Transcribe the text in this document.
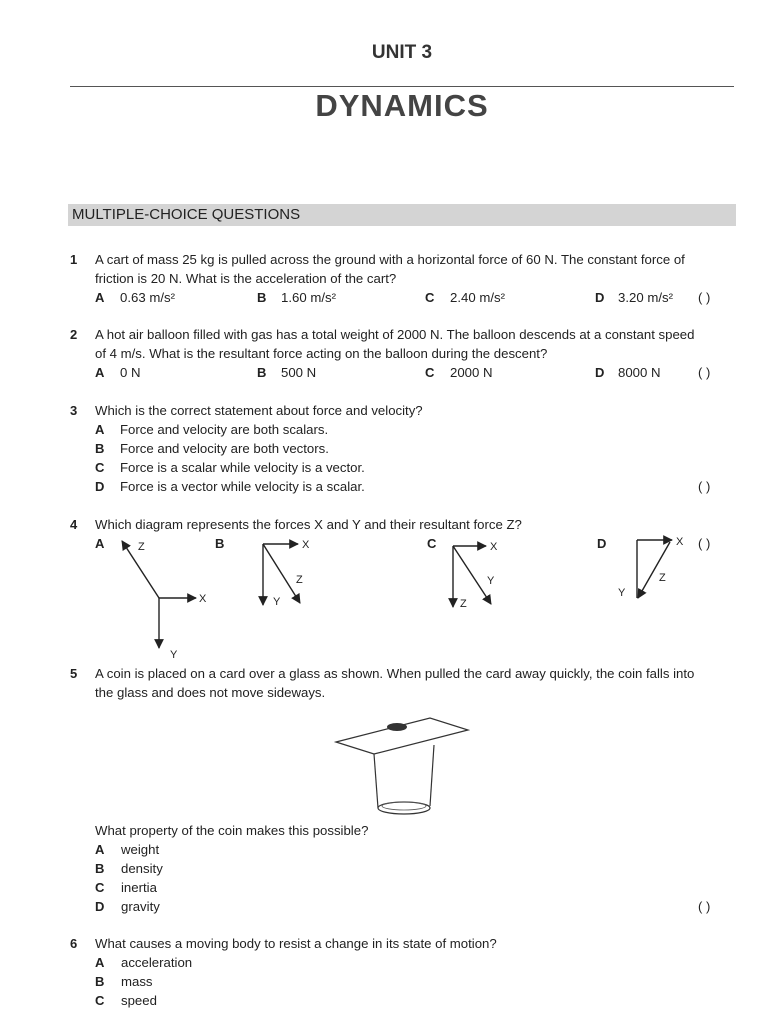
UNIT 3
DYNAMICS
MULTIPLE-CHOICE QUESTIONS
1 A cart of mass 25 kg is pulled across the ground with a horizontal force of 60 N. The constant force of
friction is 20 N. What is the acceleration of the cart?
A 0.63 m/s²	B 1.60 m/s²	C 2.40 m/s²	D 3.20 m/s² ( )
2 A hot air balloon filled with gas has a total weight of 2000 N. The balloon descends at a constant speed
of 4 m/s. What is the resultant force acting on the balloon during the descent?
A 0 N	B 500 N	C 2000 N	D 8000 N	( )
3 Which is the correct statement about force and velocity?
A Force and velocity are both scalars.
B Force and velocity are both vectors.
C Force is a scalar while velocity is a vector.
D Force is a vector while velocity is a scalar.	( )
4 Which diagram represents the forces X and Y and their resultant force Z?
A	B	C	D	( )
Z
X
Y
X
Z
Y
X
Y
Z
X
Z
Y
5 A coin is placed on a card over a glass as shown. When pulled the card away quickly, the coin falls into
the glass and does not move sideways.
What property of the coin makes this possible?
A weight
B density
C inertia
D gravity	( )
6 What causes a moving body to resist a change in its state of motion?
A acceleration
B mass
C speed
